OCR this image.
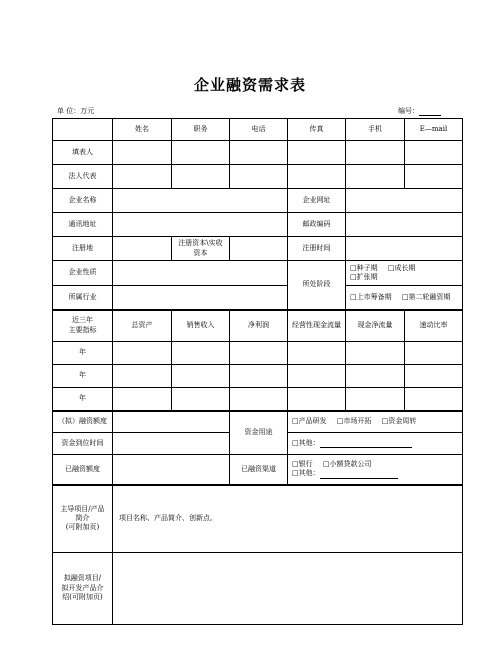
企业融资需求表
单 位：万元	编号：
	姓名	职务	电话	传真	手机	E—mail
填表人						
法人代表						
企业名称				企业网址		
通讯地址				邮政编码		
注册地		注册资本\实收资本		注册时间		
企业性质				所处阶段	□种子期 □成长期 □扩张期	
所属行业					□上市筹备期 □第二轮融资期	

近三年
主要指标	总资产	销售收入	净利润	经营性现金流量	现金净流量	速动比率
年						
年						
年						
（拟）融资额度			资金用途	□产品研发 □市场开拓 □资金周转		
资金到位时间				□其他：		
已融资额度			已融资渠道	□银行 □小额贷款公司
□其他：		

主导项目/产品
简介
(可附加页)	项目名称、产品简介、创新点。					

拟融资项目/
拟开发产品介
绍(可附加页)						
